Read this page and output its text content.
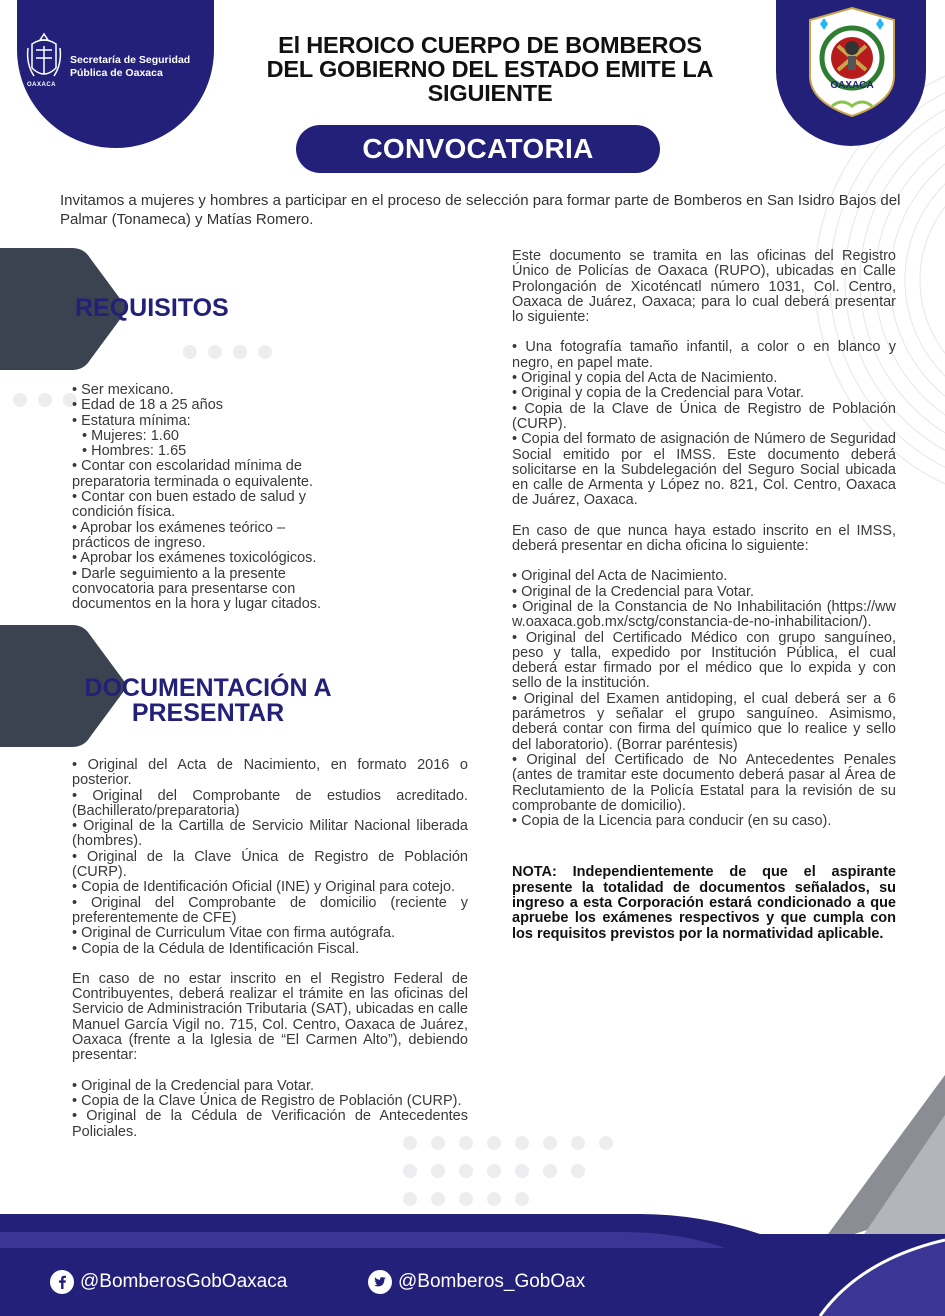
Secretaría de Seguridad
Pública de Oaxaca
OAXACA	OAXACA
El HEROICO CUERPO DE BOMBEROS
DEL GOBIERNO DEL ESTADO EMITE LA
SIGUIENTE
CONVOCATORIA
Invitamos a mujeres y hombres a participar en el proceso de selección para formar parte de Bomberos en San Isidro Bajos del Palmar (Tonameca) y Matías Romero.
REQUISITOS

• Ser mexicano.

• Edad de 18 a 25 años

• Estatura mínima:

• Mujeres: 1.60

• Hombres: 1.65

• Contar con escolaridad mínima de

preparatoria terminada o equivalente.

• Contar con buen estado de salud y

condición física.

• Aprobar los exámenes teórico –

prácticos de ingreso.

• Aprobar los exámenes toxicológicos.

• Darle seguimiento a la presente

convocatoria para presentarse con

documentos en la hora y lugar citados.

DOCUMENTACIÓN A
PRESENTAR

• Original del Acta de Nacimiento, en formato 2016 o posterior.

• Original del Comprobante de estudios acreditado. (Bachillerato/preparatoria)

• Original de la Cartilla de Servicio Militar Nacional liberada (hombres).

• Original de la Clave Única de Registro de Población (CURP).

• Copia de Identificación Oficial (INE) y Original para cotejo.

• Original del Comprobante de domicilio (reciente y preferentemente de CFE)

• Original de Curriculum Vitae con firma autógrafa.

• Copia de la Cédula de Identificación Fiscal.

En caso de no estar inscrito en el Registro Federal de Contribuyentes, deberá realizar el trámite en las oficinas del Servicio de Administración Tributaria (SAT), ubicadas en calle Manuel García Vigil no. 715, Col. Centro, Oaxaca de Juárez, Oaxaca (frente a la Iglesia de “El Carmen Alto”), debiendo presentar:

• Original de la Credencial para Votar.

• Copia de la Clave Única de Registro de Población (CURP).

• Original de la Cédula de Verificación de Antecedentes Policiales.

Este documento se tramita en las oficinas del Registro Único de Policías de Oaxaca (RUPO), ubicadas en Calle Prolongación de Xicoténcatl número 1031, Col. Centro, Oaxaca de Juárez, Oaxaca; para lo cual deberá presentar lo siguiente:

• Una fotografía tamaño infantil, a color o en blanco y negro, en papel mate.

• Original y copia del Acta de Nacimiento.

• Original y copia de la Credencial para Votar.

• Copia de la Clave de Única de Registro de Población (CURP).

• Copia del formato de asignación de Número de Seguridad Social emitido por el IMSS. Este documento deberá solicitarse en la Subdelegación del Seguro Social ubicada en calle de Armenta y López no. 821, Col. Centro, Oaxaca de Juárez, Oaxaca.

En caso de que nunca haya estado inscrito en el IMSS, deberá presentar en dicha oficina lo siguiente:

• Original del Acta de Nacimiento.

• Original de la Credencial para Votar.

• Original de la Constancia de No Inhabilitación (https://www.oaxaca.gob.mx/sctg/constancia-de-no-inhabilitacion/).

• Original del Certificado Médico con grupo sanguíneo, peso y talla, expedido por Institución Pública, el cual deberá estar firmado por el médico que lo expida y con sello de la institución.

• Original del Examen antidoping, el cual deberá ser a 6 parámetros y señalar el grupo sanguíneo. Asimismo, deberá contar con firma del químico que lo realice y sello del laboratorio). (Borrar paréntesis)

• Original del Certificado de No Antecedentes Penales (antes de tramitar este documento deberá pasar al Área de Reclutamiento de la Policía Estatal para la revisión de su comprobante de domicilio).

• Copia de la Licencia para conducir (en su caso).

NOTA: Independientemente de que el aspirante presente la totalidad de documentos señalados, su ingreso a esta Corporación estará condicionado a que apruebe los exámenes respectivos y que cumpla con los requisitos previstos por la normatividad aplicable.

@BomberosGobOaxaca	@Bomberos_GobOax
